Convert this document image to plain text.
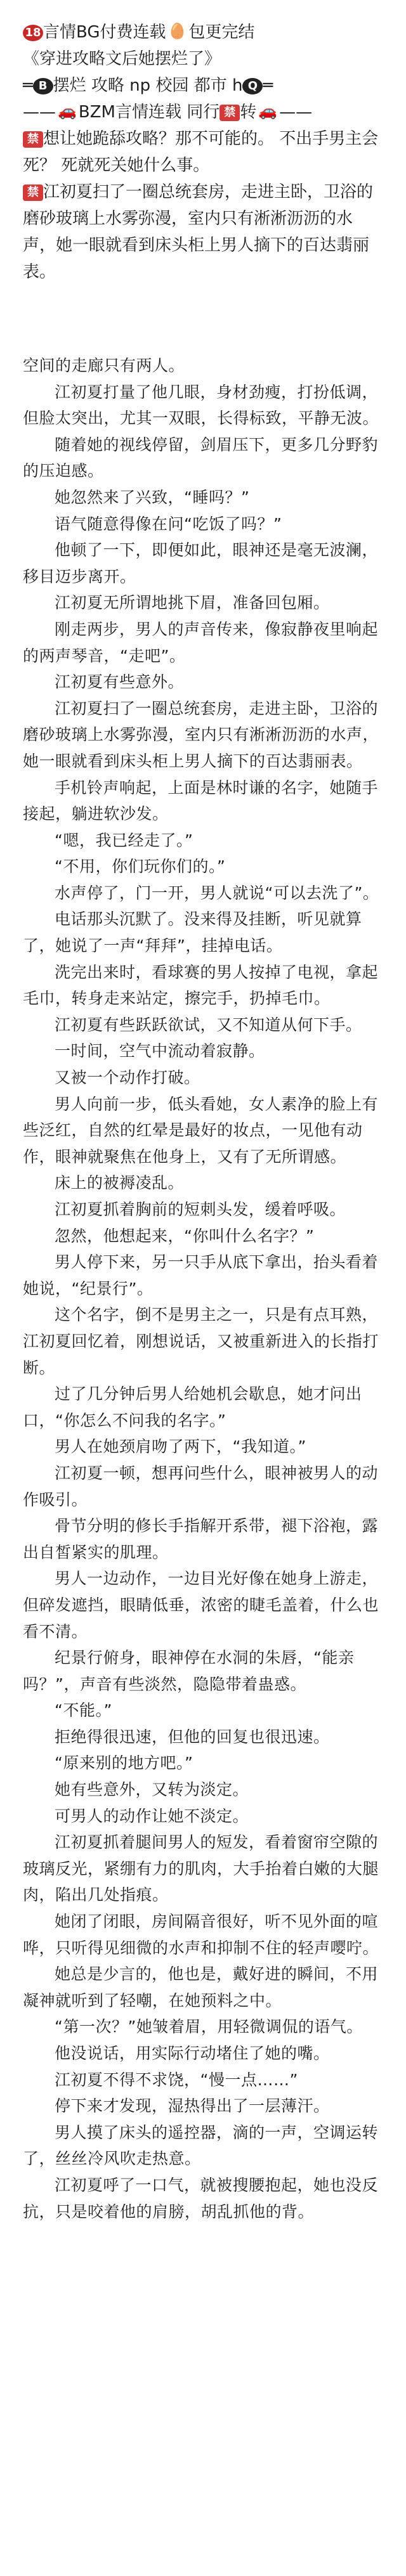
18 言情BG付费连载 🥚 包更完结
《穿进攻略文后她摆烂了》
═ B 摆烂 攻略 np 校园 都市 h Q ═
—— 🚗 BZM言情连载 同行 禁 转 🚗 ——
禁 想让她跪舔攻略？那不可能的。 不出手男主会死？ 死就死关她什么事。
禁 江初夏扫了一圈总统套房，走进主卧，卫浴的磨砂玻璃上水雾弥漫，室内只有淅淅沥沥的水声，她一眼就看到床头柜上男人摘下的百达翡丽表。

空间的走廊只有两人。

江初夏打量了他几眼，身材劲瘦，打扮低调，但脸太突出，尤其一双眼，长得标致，平静无波。

随着她的视线停留，剑眉压下，更多几分野豹的压迫感。

她忽然来了兴致，“睡吗？”

语气随意得像在问“吃饭了吗？”

他顿了一下，即便如此，眼神还是毫无波澜，移目迈步离开。

江初夏无所谓地挑下眉，准备回包厢。

刚走两步，男人的声音传来，像寂静夜里响起的两声琴音，“走吧”。

江初夏有些意外。

江初夏扫了一圈总统套房，走进主卧，卫浴的磨砂玻璃上水雾弥漫，室内只有淅淅沥沥的水声，她一眼就看到床头柜上男人摘下的百达翡丽表。

手机铃声响起，上面是林时谦的名字，她随手接起，躺进软沙发。

“嗯，我已经走了。”

“不用，你们玩你们的。”

水声停了，门一开，男人就说“可以去洗了”。

电话那头沉默了。没来得及挂断，听见就算了，她说了一声“拜拜”，挂掉电话。

洗完出来时，看球赛的男人按掉了电视，拿起毛巾，转身走来站定，擦完手，扔掉毛巾。

江初夏有些跃跃欲试，又不知道从何下手。

一时间，空气中流动着寂静。

又被一个动作打破。

男人向前一步，低头看她，女人素净的脸上有些泛红，自然的红晕是最好的妆点，一见他有动作，眼神就聚焦在他身上，又有了无所谓感。

床上的被褥凌乱。

江初夏抓着胸前的短刺头发，缓着呼吸。

忽然，他想起来，“你叫什么名字？”

男人停下来，另一只手从底下拿出，抬头看着她说，“纪景行”。

这个名字，倒不是男主之一，只是有点耳熟，江初夏回忆着，刚想说话，又被重新进入的长指打断。

过了几分钟后男人给她机会歇息，她才问出口，“你怎么不问我的名字。”

男人在她颈肩吻了两下，“我知道。”

江初夏一顿，想再问些什么，眼神被男人的动作吸引。

骨节分明的修长手指解开系带，褪下浴袍，露出自皙紧实的肌理。

男人一边动作，一边目光好像在她身上游走，但碎发遮挡，眼睛低垂，浓密的睫毛盖着，什么也看不清。

纪景行俯身，眼神停在水洞的朱唇，“能亲吗？”，声音有些淡然，隐隐带着蛊惑。

“不能。”

拒绝得很迅速，但他的回复也很迅速。

“原来别的地方吧。”

她有些意外，又转为淡定。

可男人的动作让她不淡定。

江初夏抓着腿间男人的短发，看着窗帘空隙的玻璃反光，紧绷有力的肌肉，大手抬着白嫩的大腿肉，陷出几处指痕。

她闭了闭眼，房间隔音很好，听不见外面的喧哗，只听得见细微的水声和抑制不住的轻声嘤咛。

她总是少言的，他也是，戴好进的瞬间，不用凝神就听到了轻嘲，在她预料之中。

“第一次？”她皱着眉，用轻微调侃的语气。

他没说话，用实际行动堵住了她的嘴。

江初夏不得不求饶，“慢一点……”

停下来才发现，湿热得出了一层薄汗。

男人摸了床头的遥控器，滴的一声，空调运转了，丝丝冷风吹走热意。

江初夏呼了一口气，就被搜腰抱起，她也没反抗，只是咬着他的肩膀，胡乱抓他的背。
